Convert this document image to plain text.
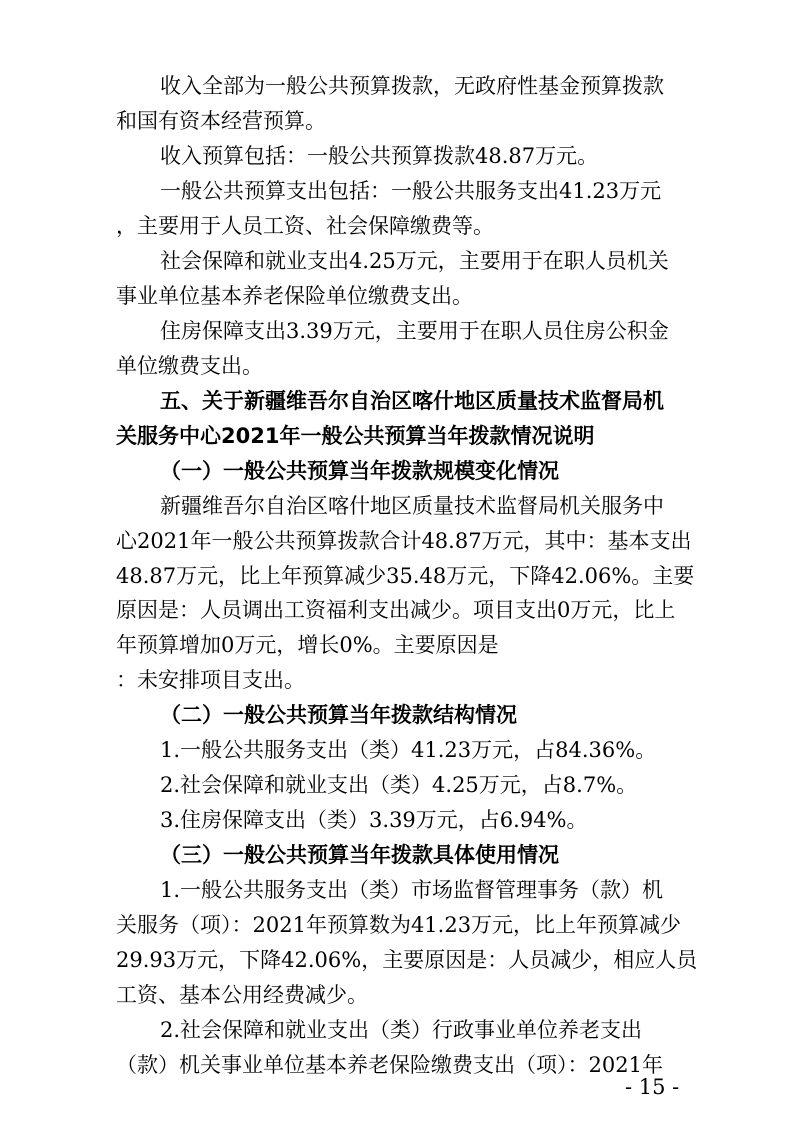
收入全部为一般公共预算拨款，无政府性基金预算拨款
和国有资本经营预算。
收入预算包括：一般公共预算拨款48.87万元。
一般公共预算支出包括：一般公共服务支出41.23万元
，主要用于人员工资、社会保障缴费等。
社会保障和就业支出4.25万元，主要用于在职人员机关
事业单位基本养老保险单位缴费支出。
住房保障支出3.39万元，主要用于在职人员住房公积金
单位缴费支出。
五、关于新疆维吾尔自治区喀什地区质量技术监督局机
关服务中心2021年一般公共预算当年拨款情况说明
（一）一般公共预算当年拨款规模变化情况
新疆维吾尔自治区喀什地区质量技术监督局机关服务中
心2021年一般公共预算拨款合计48.87万元，其中：基本支出
48.87万元，比上年预算减少35.48万元，下降42.06%。主要
原因是：人员调出工资福利支出减少。项目支出0万元，比上
年预算增加0万元，增长0%。主要原因是
：未安排项目支出。
（二）一般公共预算当年拨款结构情况
1.一般公共服务支出（类）41.23万元，占84.36%。
2.社会保障和就业支出（类）4.25万元，占8.7%。
3.住房保障支出（类）3.39万元，占6.94%。
（三）一般公共预算当年拨款具体使用情况
1.一般公共服务支出（类）市场监督管理事务（款）机
关服务（项）：2021年预算数为41.23万元，比上年预算减少
29.93万元，下降42.06%，主要原因是：人员减少，相应人员
工资、基本公用经费减少。
2.社会保障和就业支出（类）行政事业单位养老支出
（款）机关事业单位基本养老保险缴费支出（项）：2021年
- 15 -
